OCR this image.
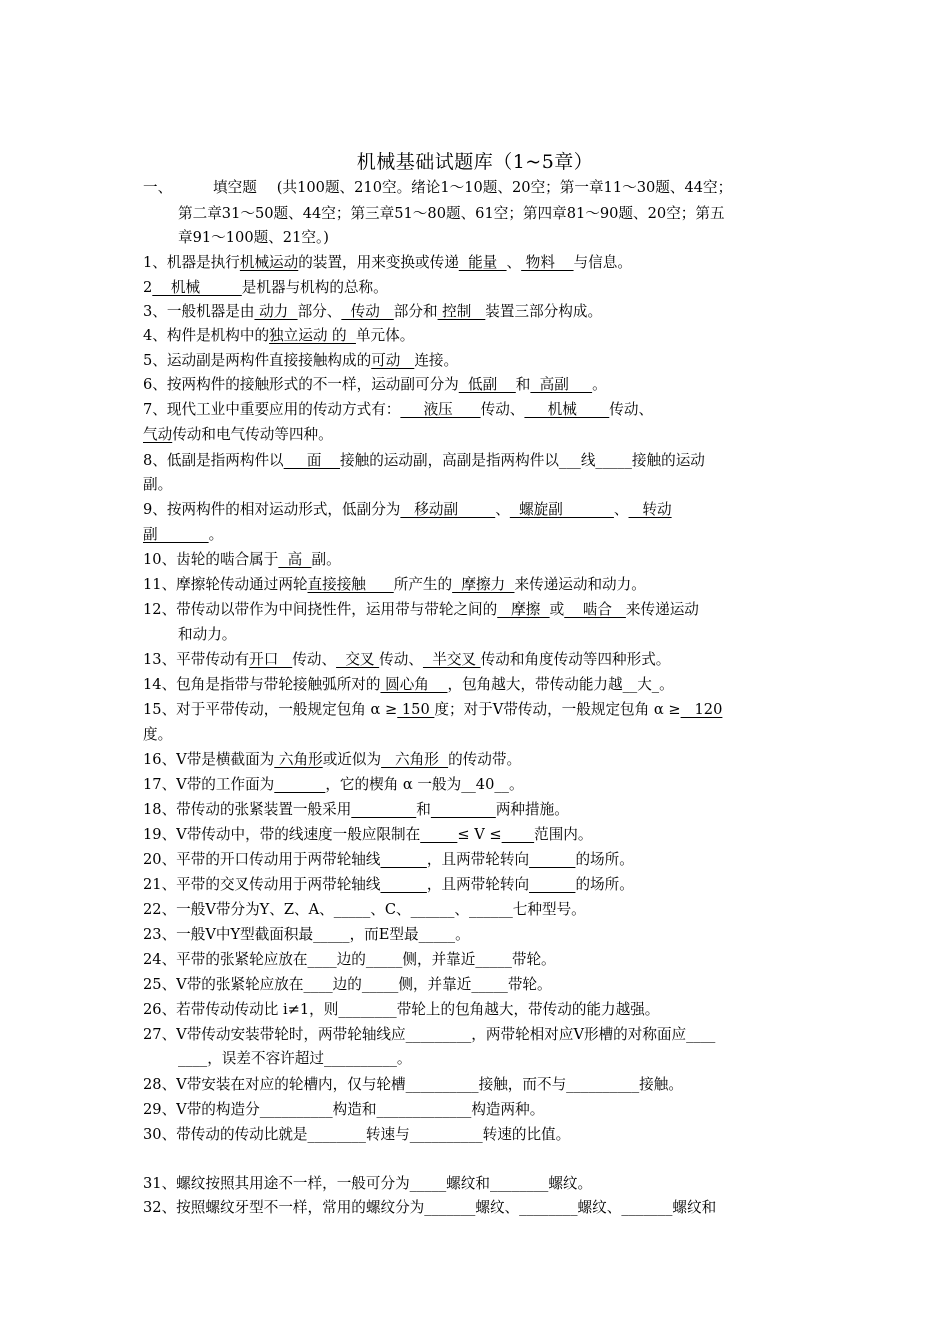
机械基础试题库（1~5章）
一、	填空题 (共100题、210空。绪论1～10题、20空；第一章11～30题、44空；
第二章31～50题、44空；第三章51～80题、61空；第四章81～90题、20空；第五
章91～100题、21空。)
1、机器是执行机械运动的装置，用来变换或传递  能量  、 物料    与信息。
2    机械         是机器与机构的总称。
3、一般机器是由 动力  部分、  传动   部分和 控制   装置三部分构成。
4、构件是机构中的独立运动 的  单元体。
5、运动副是两构件直接接触构成的可动   连接。
6、按两构件的接触形式的不一样，运动副可分为  低副    和  高副     。
7、现代工业中重要应用的传动方式有：     液压      传动、     机械       传动、
气动传动和电气传动等四种。
8、低副是指两构件以     面    接触的运动副，高副是指两构件以___线_____接触的运动
副。
9、按两构件的相对运动形式，低副分为   移动副        、  螺旋副           、   转动
副           。
10、齿轮的啮合属于  高  副。
11、摩擦轮传动通过两轮直接接触      所产生的  摩擦力  来传递运动和动力。
12、带传动以带作为中间挠性件，运用带与带轮之间的   摩擦  或    啮合   来传递运动
和动力。
13、平带传动有开口   传动、  交叉 传动、  半交叉 传动和角度传动等四种形式。
14、包角是指带与带轮接触弧所对的 圆心角    ，包角越大，带传动能力越__大_。
15、对于平带传动，一般规定包角 α ≥ 150 度；对于V带传动，一般规定包角 α ≥   120
度。
16、V带是横截面为 六角形或近似为   六角形  的传动带。
17、V带的工作面为	，它的楔角 α 一般为__40__。
18、带传动的张紧装置一般采用	和	两种措施。
19、V带传动中，带的线速度一般应限制在	≤ V ≤ 范围内。
20、平带的开口传动用于两带轮轴线	，且两带轮转向	的场所。
21、平带的交叉传动用于两带轮轴线	，且两带轮转向	的场所。
22、一般V带分为Y、Z、A、_____、C、______、______七种型号。
23、一般V中Y型截面积最_____，而E型最_____。
24、平带的张紧轮应放在____边的_____侧，并靠近_____带轮。
25、V带的张紧轮应放在____边的_____侧，并靠近_____带轮。
26、若带传动传动比 i≠1，则________带轮上的包角越大，带传动的能力越强。
27、V带传动安装带轮时，两带轮轴线应_________，两带轮相对应V形槽的对称面应____
____，误差不容许超过__________。
28、V带安装在对应的轮槽内，仅与轮槽__________接触，而不与__________接触。
29、V带的构造分__________构造和_____________构造两种。
30、带传动的传动比就是________转速与__________转速的比值。
31、螺纹按照其用途不一样，一般可分为_____螺纹和________螺纹。
32、按照螺纹牙型不一样，常用的螺纹分为_______螺纹、________螺纹、_______螺纹和
